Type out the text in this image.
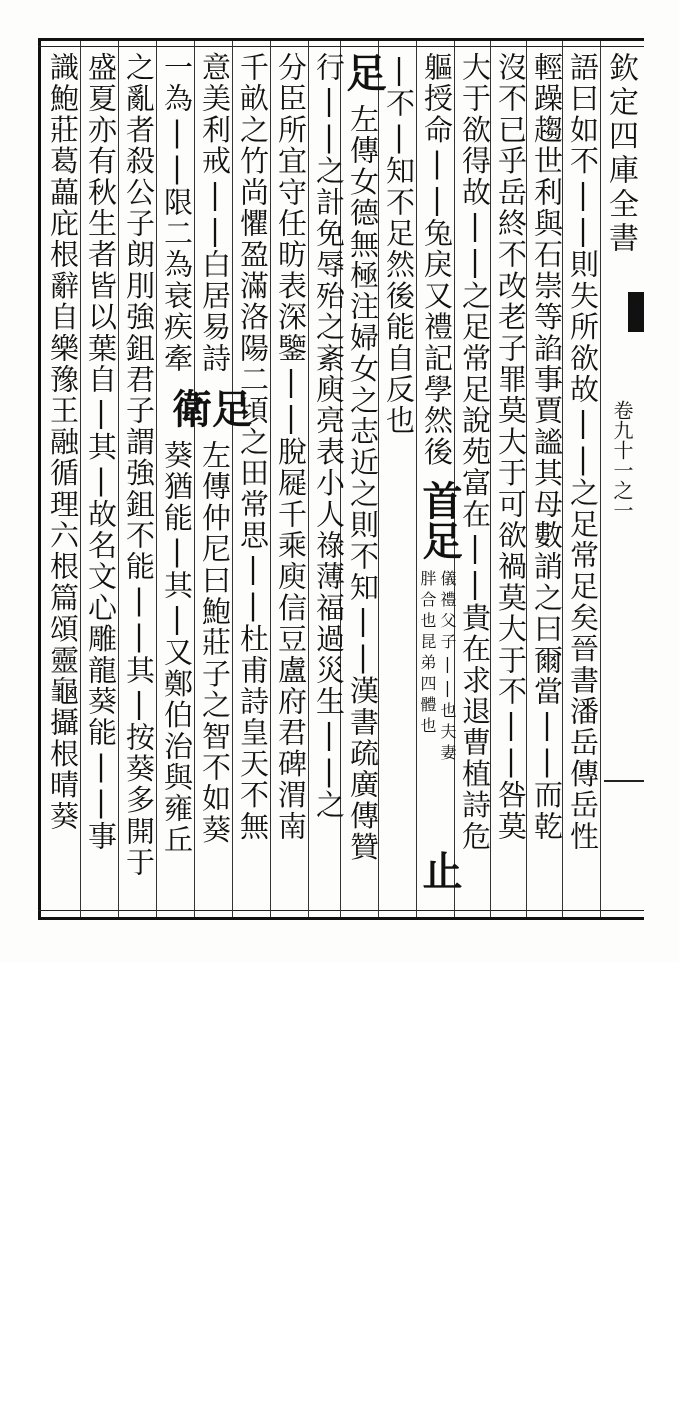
欽定四庫全書
卷九十一之一
語曰如不||則失所欲故||之足常足矣晉書潘岳傳岳性
輕躁趨世利與石崇等諂事賈謐其母數誚之曰爾當||而乾
沒不已乎岳終不改老子罪莫大于可欲禍莫大于不||咎莫
大于欲得故||之足常足說苑富在||貴在求退曹植詩危
軀授命||兔戾又禮記學然後
首足
儀禮父子||也夫妻
胖合也昆弟四體也
止
|不|知不足然後能自反也
足
左傳女德無極注婦女之志近之則不知||漢書疏廣傳贊
行||之計免辱殆之紊庾亮表小人祿薄福過災生||之
分臣所宜守任昉表深鑒||脫屣千乘庾信豆盧府君碑渭南
千畝之竹尚懼盈滿洛陽二頃之田常思||杜甫詩皇天不無
意美利戒||白居易詩
一為||限二為衰疾牽
衛足
左傳仲尼曰鮑莊子之智不如葵
葵猶能|其|又鄭伯治與雍丘
之亂者殺公子朗刖強鉏君子謂強鉏不能||其|按葵多開于
盛夏亦有秋生者皆以葉自|其|故名文心雕龍葵能||事
識鮑莊葛藟庇根辭自樂豫王融循理六根篇頌靈龜攝根晴葵
